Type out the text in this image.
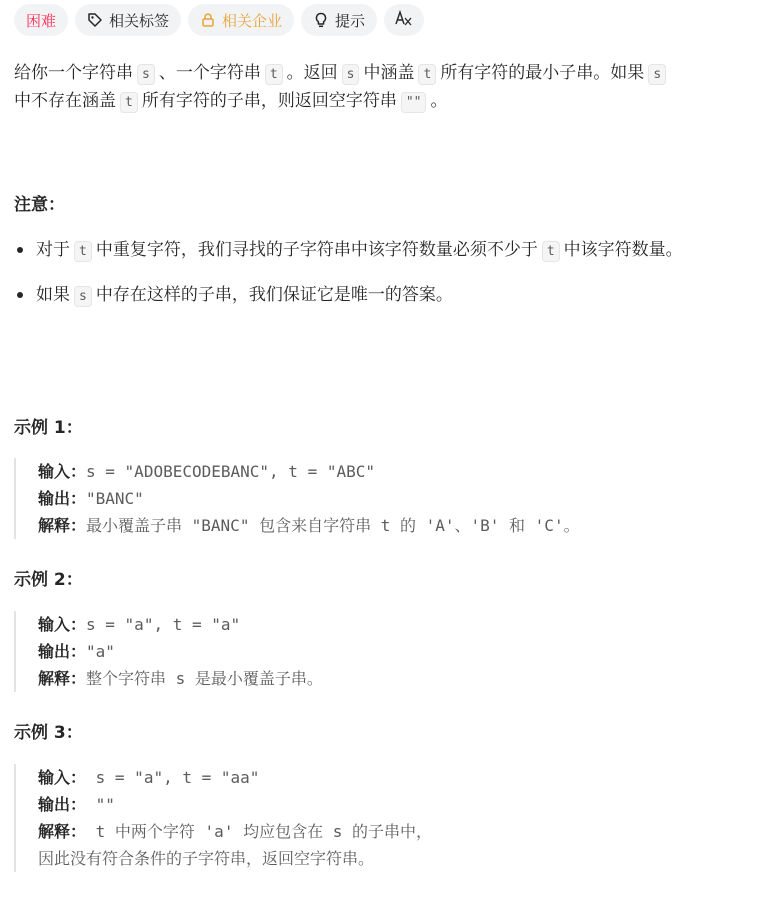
困难	相关标签	相关企业	提示
给你一个字符串 s 、一个字符串 t 。返回 s 中涵盖 t 所有字符的最小子串。如果 s
中不存在涵盖 t 所有字符的子串，则返回空字符串 "" 。
注意：
对于 t 中重复字符，我们寻找的子字符串中该字符数量必须不少于 t 中该字符数量。
如果 s 中存在这样的子串，我们保证它是唯一的答案。
示例 1：
输入：s = "ADOBECODEBANC", t = "ABC"
输出："BANC"
解释：最小覆盖子串 "BANC" 包含来自字符串 t 的 'A'、'B' 和 'C'。
示例 2：
输入：s = "a", t = "a"
输出："a"
解释：整个字符串 s 是最小覆盖子串。
示例 3：
输入： s = "a", t = "aa"
输出： ""
解释： t 中两个字符 'a' 均应包含在 s 的子串中，
因此没有符合条件的子字符串，返回空字符串。
